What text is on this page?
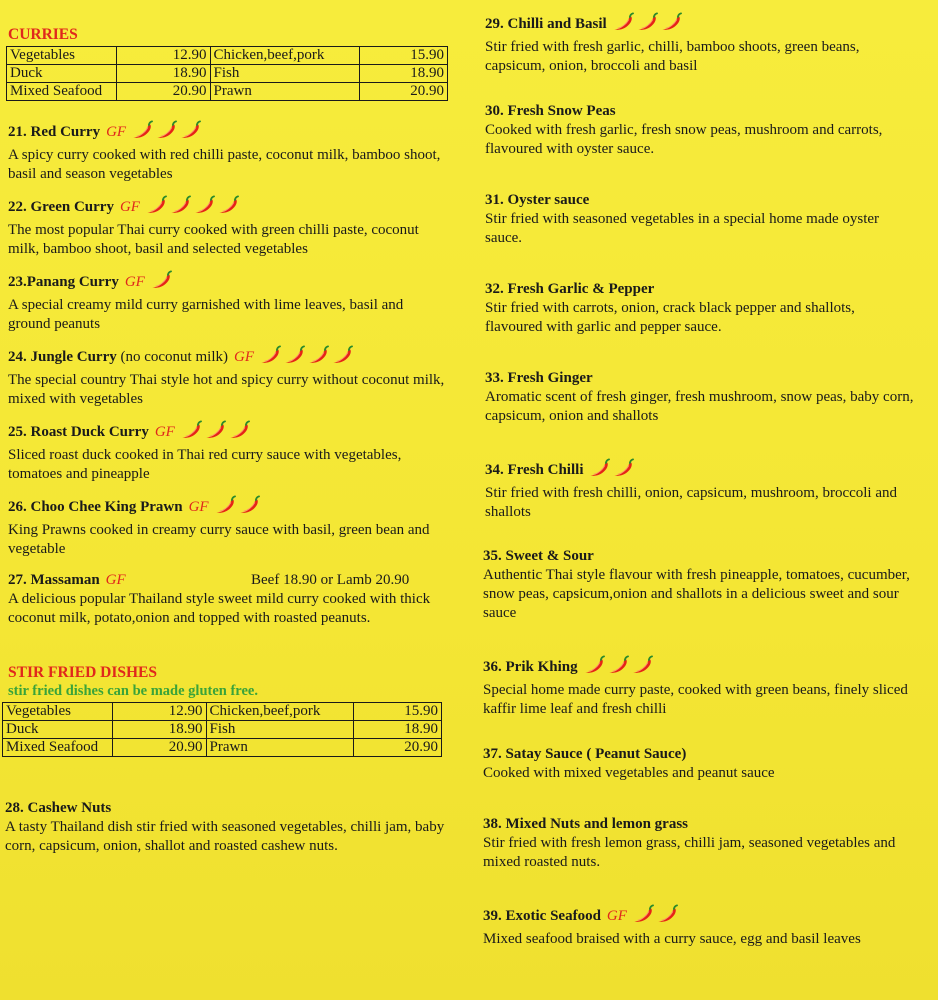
CURRIES
Vegetables	12.90	Chicken,beef,pork	15.90
Duck	18.90	Fish	18.90
Mixed Seafood	20.90	Prawn	20.90
21. Red Curry GF
A spicy curry cooked with red chilli paste, coconut milk, bamboo shoot, basil and season vegetables
22. Green Curry GF
The most popular Thai curry cooked with green chilli paste, coconut milk, bamboo shoot, basil and selected vegetables
23.Panang Curry GF
A special creamy mild curry garnished with lime leaves, basil and ground peanuts
24. Jungle Curry (no coconut milk) GF
The special country Thai style hot and spicy curry without coconut milk, mixed with vegetables
25. Roast Duck Curry GF
Sliced roast duck cooked in Thai red curry sauce with vegetables, tomatoes and pineapple
26. Choo Chee King Prawn GF
King Prawns cooked in creamy curry sauce with basil, green bean and vegetable
27. Massaman GF	Beef 18.90 or Lamb 20.90
A delicious popular Thailand style sweet mild curry cooked with thick coconut milk, potato,onion and topped with roasted peanuts.
STIR FRIED DISHES
stir fried dishes can be made gluten free.
Vegetables	12.90	Chicken,beef,pork	15.90
Duck	18.90	Fish	18.90
Mixed Seafood	20.90	Prawn	20.90
28. Cashew Nuts
A tasty Thailand dish stir fried with seasoned vegetables, chilli jam, baby corn, capsicum, onion, shallot and roasted cashew nuts.
29. Chilli and Basil
Stir fried with fresh garlic, chilli, bamboo shoots, green beans, capsicum, onion, broccoli and basil
30. Fresh Snow Peas
Cooked with fresh garlic, fresh snow peas, mushroom and carrots, flavoured with oyster sauce.
31. Oyster sauce
Stir fried with seasoned vegetables in a special home made oyster sauce.
32. Fresh Garlic & Pepper
Stir fried with carrots, onion, crack black pepper and shallots, flavoured with garlic and pepper sauce.
33. Fresh Ginger
Aromatic scent of fresh ginger, fresh mushroom, snow peas, baby corn, capsicum, onion and shallots
34. Fresh Chilli
Stir fried with fresh chilli, onion, capsicum, mushroom, broccoli and shallots
35. Sweet & Sour
Authentic Thai style flavour with fresh pineapple, tomatoes, cucumber, snow peas, capsicum,onion and shallots in a delicious sweet and sour sauce
36. Prik Khing
Special home made curry paste, cooked with green beans, finely sliced kaffir lime leaf and fresh chilli
37. Satay Sauce ( Peanut Sauce)
Cooked with mixed vegetables and peanut sauce
38. Mixed Nuts and lemon grass
Stir fried with fresh lemon grass, chilli jam, seasoned vegetables and mixed roasted nuts.
39. Exotic Seafood GF
Mixed seafood braised with a curry sauce, egg and basil leaves
